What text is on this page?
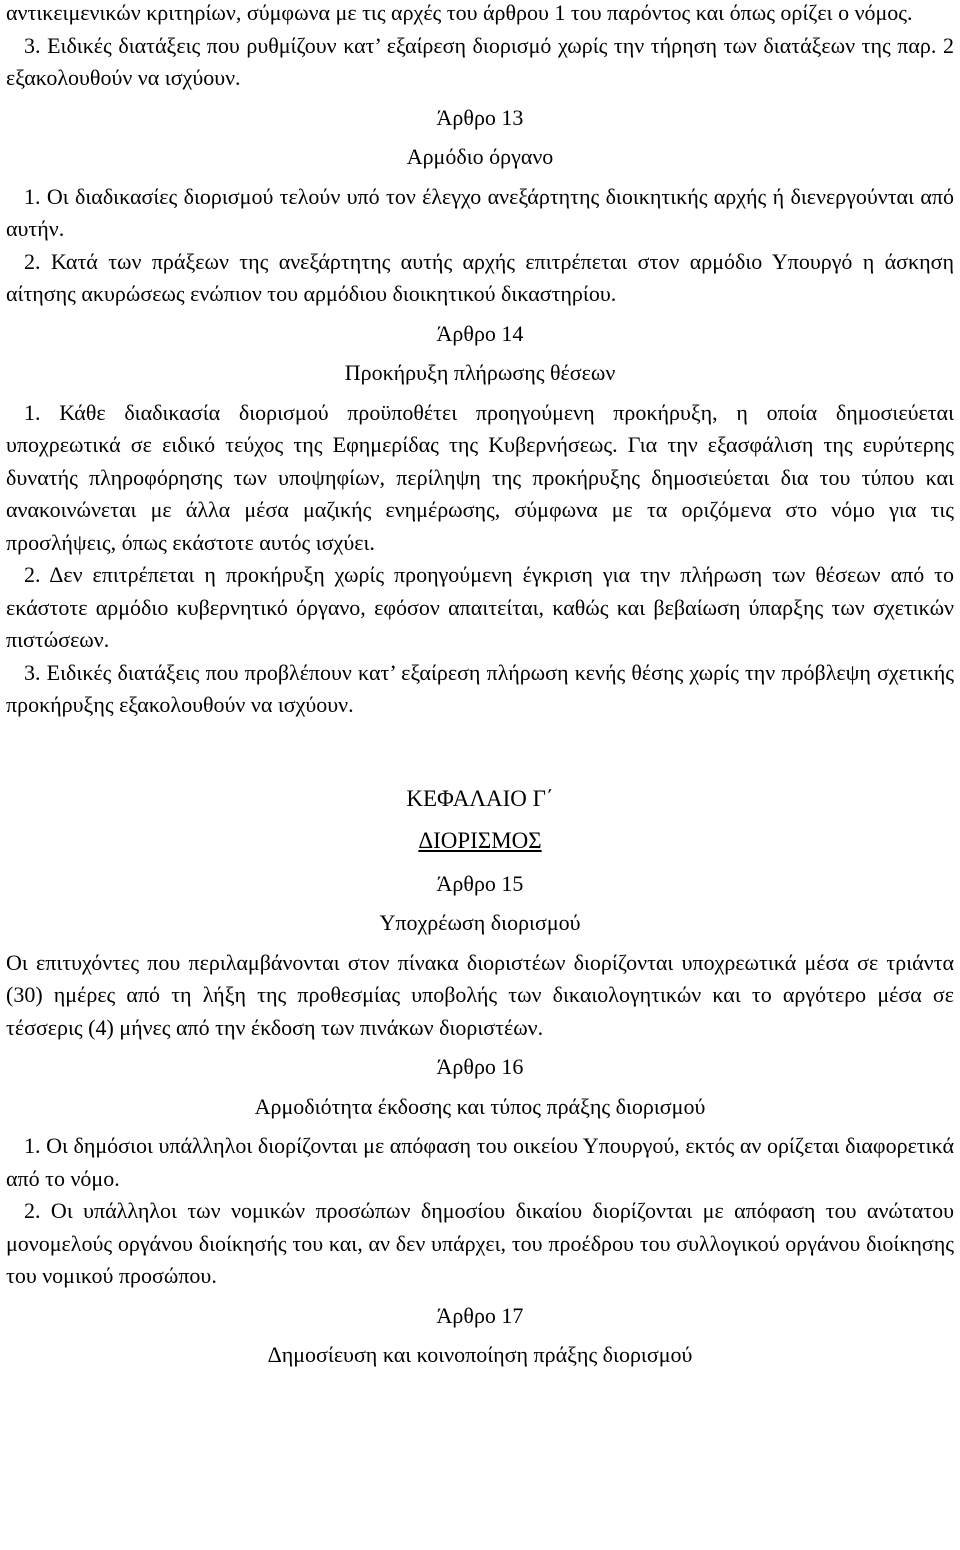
αντικειμενικών κριτηρίων, σύμφωνα με τις αρχές του άρθρου 1 του παρόντος και όπως ορίζει ο νόμος.

3. Ειδικές διατάξεις που ρυθμίζουν κατ’ εξαίρεση διορισμό χωρίς την τήρηση των διατάξεων της παρ. 2 εξακολουθούν να ισχύουν.

Άρθρο 13
Αρμόδιο όργανο

1. Οι διαδικασίες διορισμού τελούν υπό τον έλεγχο ανεξάρτητης διοικητικής αρχής ή διενεργούνται από αυτήν.

2. Κατά των πράξεων της ανεξάρτητης αυτής αρχής επιτρέπεται στον αρμόδιο Υπουργό η άσκηση αίτησης ακυρώσεως ενώπιον του αρμόδιου διοικητικού δικαστηρίου.

Άρθρο 14
Προκήρυξη πλήρωσης θέσεων

1. Κάθε διαδικασία διορισμού προϋποθέτει προηγούμενη προκήρυξη, η οποία δημοσιεύεται υποχρεωτικά σε ειδικό τεύχος της Εφημερίδας της Κυβερνήσεως. Για την εξασφάλιση της ευρύτερης δυνατής πληροφόρησης των υποψηφίων, περίληψη της προκήρυξης δημοσιεύεται δια του τύπου και ανακοινώνεται με άλλα μέσα μαζικής ενημέρωσης, σύμφωνα με τα οριζόμενα στο νόμο για τις προσλήψεις, όπως εκάστοτε αυτός ισχύει.

2. Δεν επιτρέπεται η προκήρυξη χωρίς προηγούμενη έγκριση για την πλήρωση των θέσεων από το εκάστοτε αρμόδιο κυβερνητικό όργανο, εφόσον απαιτείται, καθώς και βεβαίωση ύπαρξης των σχετικών πιστώσεων.

3. Ειδικές διατάξεις που προβλέπουν κατ’ εξαίρεση πλήρωση κενής θέσης χωρίς την πρόβλεψη σχετικής προκήρυξης εξακολουθούν να ισχύουν.

ΚΕΦΑΛΑΙΟ Γ΄
ΔΙΟΡΙΣΜΟΣ
Άρθρο 15
Υποχρέωση διορισμού

Οι επιτυχόντες που περιλαμβάνονται στον πίνακα διοριστέων διορίζονται υποχρεωτικά μέσα σε τριάντα (30) ημέρες από τη λήξη της προθεσμίας υποβολής των δικαιολογητικών και το αργότερο μέσα σε τέσσερις (4) μήνες από την έκδοση των πινάκων διοριστέων.

Άρθρο 16
Αρμοδιότητα έκδοσης και τύπος πράξης διορισμού

1. Οι δημόσιοι υπάλληλοι διορίζονται με απόφαση του οικείου Υπουργού, εκτός αν ορίζεται διαφορετικά από το νόμο.

2. Οι υπάλληλοι των νομικών προσώπων δημοσίου δικαίου διορίζονται με απόφαση του ανώτατου μονομελούς οργάνου διοίκησής του και, αν δεν υπάρχει, του προέδρου του συλλογικού οργάνου διοίκησης του νομικού προσώπου.

Άρθρο 17
Δημοσίευση και κοινοποίηση πράξης διορισμού
